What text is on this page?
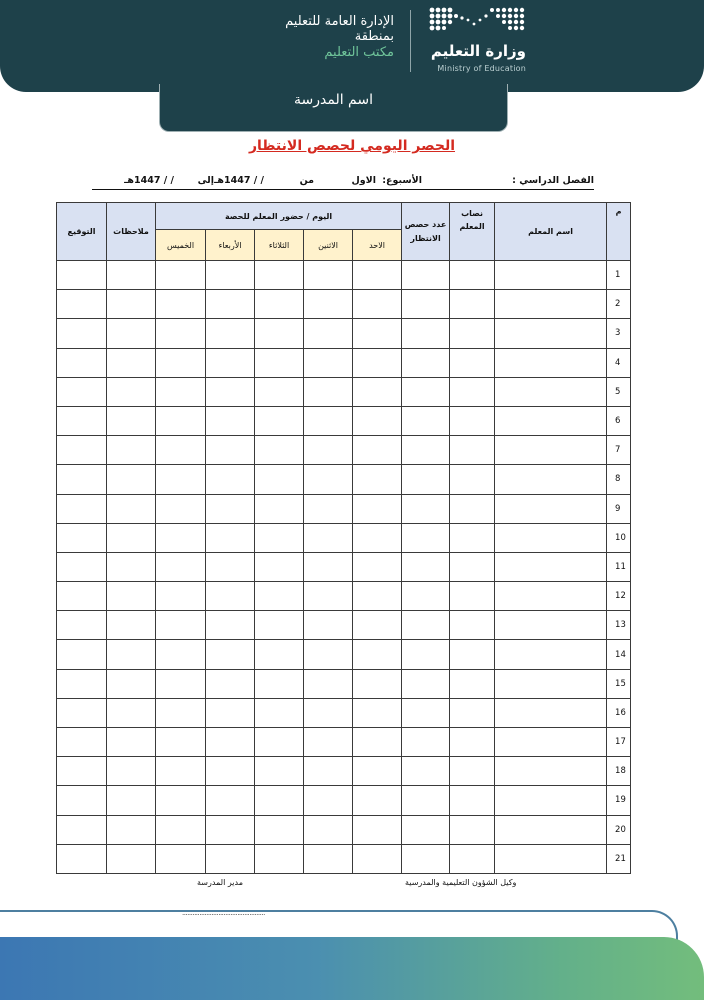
وزارة التعليم
Ministry of Education
الإدارة العامة للتعليم
بمنطقة
مكتب التعليم
اسم المدرسة
الحصر اليومي لحصص الانتظار
الفصل الدراسي :
الأسبوع:
الاول
من
/ / 1447هـ
إلى
/ / 1447هـ
م	اسم المعلم	نصاب المعلم	عدد حصص الانتظار	اليوم / حضور المعلم للحصة					ملاحظات	التوقيع
				الاحد	الاثنين	الثلاثاء	الأربعاء	الخميس		
1										
2										
3										
4										
5										
6										
7										
8										
9										
10										
11										
12										
13										
14										
15										
16										
17										
18										
19										
20										
21										
وكيل الشؤون التعليمية والمدرسية
مدير المدرسة
................................................
